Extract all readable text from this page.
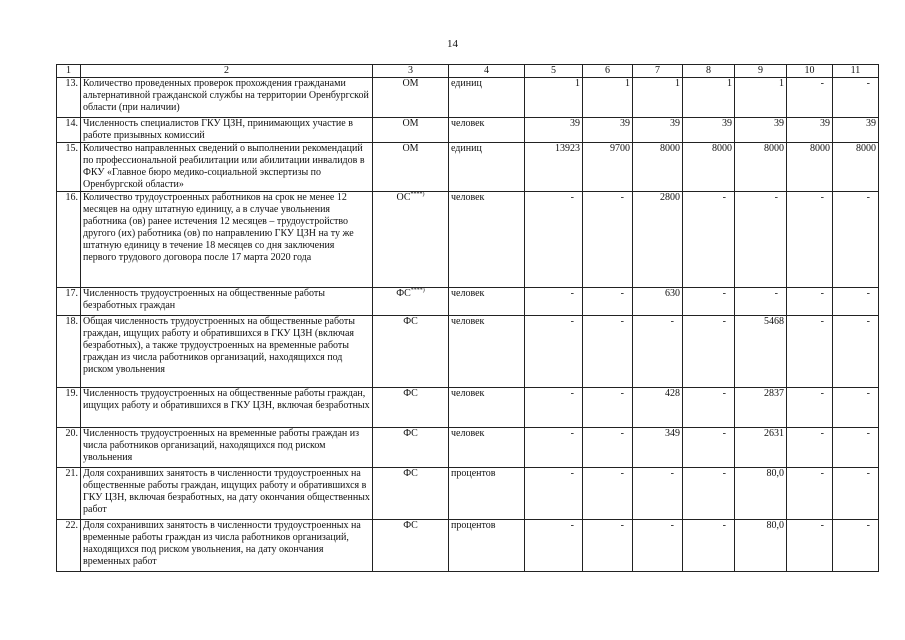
14
1	2	3	4	5	6	7	8	9	10	11
13.	Количество проведенных проверок прохождения гражданами альтернативной гражданской службы на территории Оренбургской области (при наличии)	ОМ	единиц	1	1	1	1	1	-	-
14.	Численность специалистов ГКУ ЦЗН, принимающих участие в работе призывных комиссий	ОМ	человек	39	39	39	39	39	39	39
15.	Количество направленных сведений о выполнении рекомендаций по профессиональной реабилитации или абилитации инвалидов в ФКУ «Главное бюро медико-социальной экспертизы по Оренбургской области»	ОМ	единиц	13923	9700	8000	8000	8000	8000	8000
16.	Количество трудоустроенных работников на срок не менее 12 месяцев на одну штатную единицу, а в случае увольнения работника (ов) ранее истечения 12 месяцев – трудоустройство другого (их) работника (ов) по направлению ГКУ ЦЗН на ту же штатную единицу в течение 18 месяцев со дня заключения первого трудового договора после 17 марта 2020 года	ОС****)	человек	-	-	2800	-	-	-	-
17.	Численность трудоустроенных на общественные работы безработных граждан	ФС****)	человек	-	-	630	-	-	-	-
18.	Общая численность трудоустроенных на общественные работы граждан, ищущих работу и обратившихся в ГКУ ЦЗН (включая безработных), а также трудоустроенных на временные работы граждан из числа работников организаций, находящихся под риском увольнения	ФС	человек	-	-	-	-	5468	-	-
19.	Численность трудоустроенных на общественные работы граждан, ищущих работу и обратившихся в ГКУ ЦЗН, включая безработных	ФС	человек	-	-	428	-	2837	-	-
20.	Численность трудоустроенных на временные работы граждан из числа работников организаций, находящихся под риском увольнения	ФС	человек	-	-	349	-	2631	-	-
21.	Доля сохранивших занятость в численности трудоустроенных на общественные работы граждан, ищущих работу и обратившихся в ГКУ ЦЗН, включая безработных, на дату окончания общественных работ	ФС	процентов	-	-	-	-	80,0	-	-
22.	Доля сохранивших занятость в численности трудоустроенных на временные работы граждан из числа работников организаций, находящихся под риском увольнения, на дату окончания временных работ	ФС	процентов	-	-	-	-	80,0	-	-
